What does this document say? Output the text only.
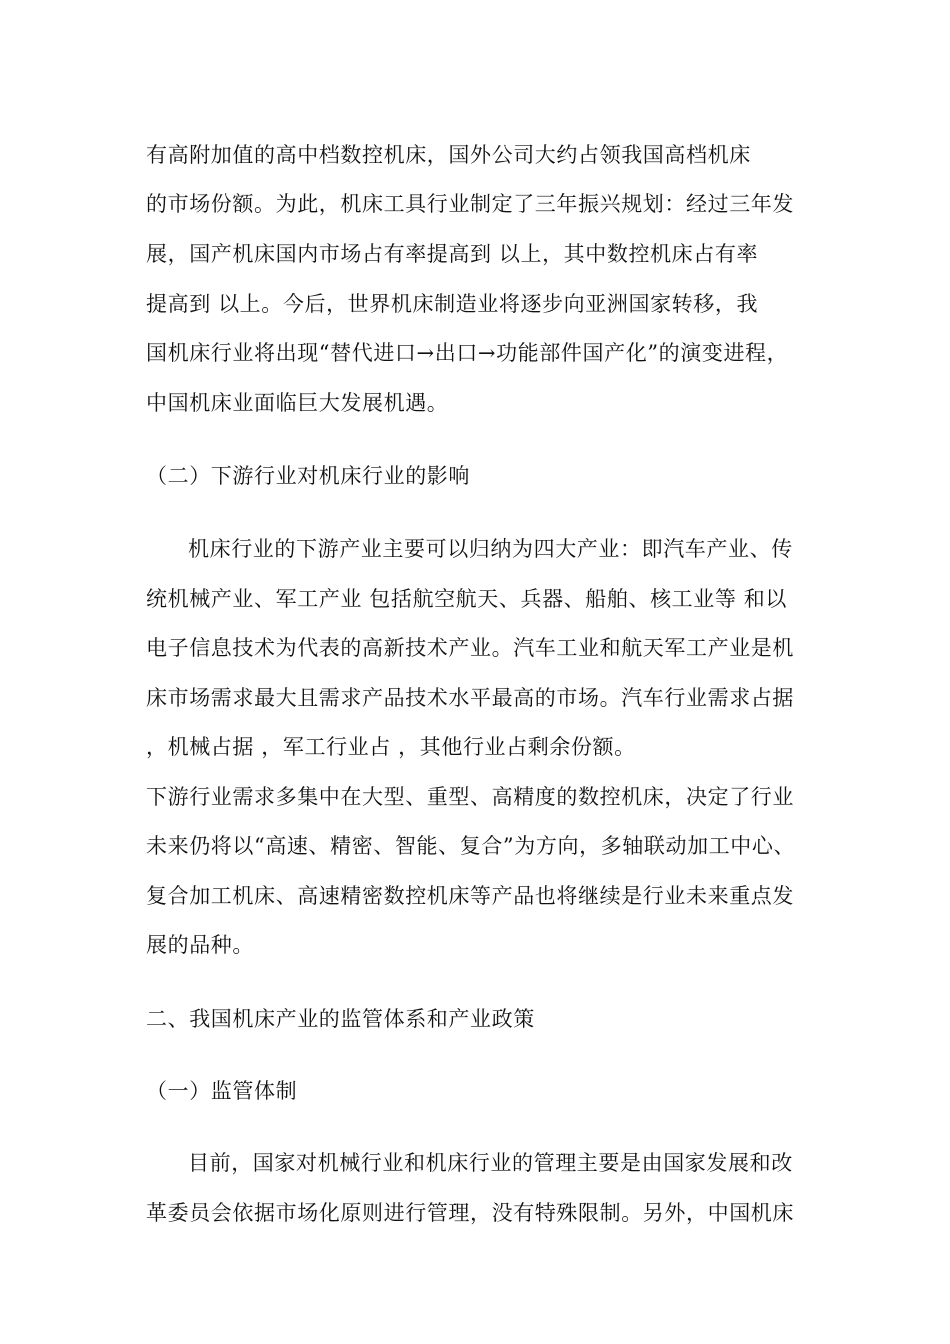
有高附加值的高中档数控机床，国外公司大约占领我国高档机床

的市场份额。为此，机床工具行业制定了三年振兴规划：经过三年发

展，国产机床国内市场占有率提高到 以上，其中数控机床占有率

提高到 以上。今后，世界机床制造业将逐步向亚洲国家转移，我

国机床行业将出现“替代进口→出口→功能部件国产化”的演变进程，

中国机床业面临巨大发展机遇。

（二）下游行业对机床行业的影响

机床行业的下游产业主要可以归纳为四大产业：即汽车产业、传

统机械产业、军工产业 包括航空航天、兵器、船舶、核工业等 和以

电子信息技术为代表的高新技术产业。汽车工业和航天军工产业是机

床市场需求最大且需求产品技术水平最高的市场。汽车行业需求占据

，机械占据 ，军工行业占 ，其他行业占剩余份额。

下游行业需求多集中在大型、重型、高精度的数控机床，决定了行业

未来仍将以“高速、精密、智能、复合”为方向，多轴联动加工中心、

复合加工机床、高速精密数控机床等产品也将继续是行业未来重点发

展的品种。

二、我国机床产业的监管体系和产业政策

（一）监管体制

目前，国家对机械行业和机床行业的管理主要是由国家发展和改

革委员会依据市场化原则进行管理，没有特殊限制。另外，中国机床
